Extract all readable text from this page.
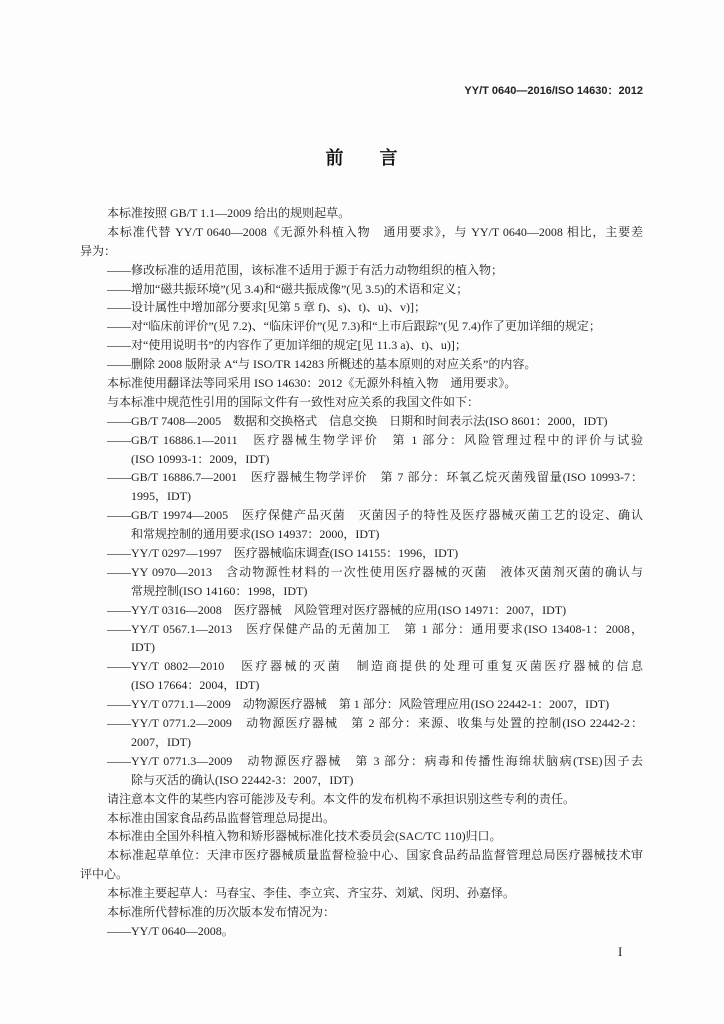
YY/T 0640—2016/ISO 14630：2012
前　　言
本标准按照 GB/T 1.1—2009 给出的规则起草。
本标准代替 YY/T 0640—2008《无源外科植入物　通用要求》，与 YY/T 0640—2008 相比，主要差
异为：
——修改标准的适用范围，该标准不适用于源于有活力动物组织的植入物；
——增加“磁共振环境”(见 3.4)和“磁共振成像”(见 3.5)的术语和定义；
——设计属性中增加部分要求[见第 5 章 f)、s)、t)、u)、v)]；
——对“临床前评价”(见 7.2)、“临床评价”(见 7.3)和“上市后跟踪”(见 7.4)作了更加详细的规定；
——对“使用说明书”的内容作了更加详细的规定[见 11.3 a)、t)、u)]；
——删除 2008 版附录 A“与 ISO/TR 14283 所概述的基本原则的对应关系”的内容。
本标准使用翻译法等同采用 ISO 14630：2012《无源外科植入物　通用要求》。
与本标准中规范性引用的国际文件有一致性对应关系的我国文件如下：
——GB/T 7408—2005　数据和交换格式　信息交换　日期和时间表示法(ISO 8601：2000，IDT)
——GB/T 16886.1—2011　医疗器械生物学评价　第 1 部分：风险管理过程中的评价与试验
(ISO 10993-1：2009，IDT)
——GB/T 16886.7—2001　医疗器械生物学评价　第 7 部分：环氧乙烷灭菌残留量(ISO 10993-7：
1995，IDT)
——GB/T 19974—2005　医疗保健产品灭菌　灭菌因子的特性及医疗器械灭菌工艺的设定、确认
和常规控制的通用要求(ISO 14937：2000，IDT)
——YY/T 0297—1997　医疗器械临床调查(ISO 14155：1996，IDT)
——YY 0970—2013　含动物源性材料的一次性使用医疗器械的灭菌　液体灭菌剂灭菌的确认与
常规控制(ISO 14160：1998，IDT)
——YY/T 0316—2008　医疗器械　风险管理对医疗器械的应用(ISO 14971：2007，IDT)
——YY/T 0567.1—2013　医疗保健产品的无菌加工　第 1 部分：通用要求(ISO 13408-1：2008，
IDT)
——YY/T 0802—2010　医疗器械的灭菌　制造商提供的处理可重复灭菌医疗器械的信息
(ISO 17664：2004，IDT)
——YY/T 0771.1—2009　动物源医疗器械　第 1 部分：风险管理应用(ISO 22442-1：2007，IDT)
——YY/T 0771.2—2009　动物源医疗器械　第 2 部分：来源、收集与处置的控制(ISO 22442-2：
2007，IDT)
——YY/T 0771.3—2009　动物源医疗器械　第 3 部分：病毒和传播性海绵状脑病(TSE)因子去
除与灭活的确认(ISO 22442-3：2007，IDT)
请注意本文件的某些内容可能涉及专利。本文件的发布机构不承担识别这些专利的责任。
本标准由国家食品药品监督管理总局提出。
本标准由全国外科植入物和矫形器械标准化技术委员会(SAC/TC 110)归口。
本标准起草单位：天津市医疗器械质量监督检验中心、国家食品药品监督管理总局医疗器械技术审
评中心。
本标准主要起草人：马春宝、李佳、李立宾、齐宝芬、刘斌、闵玥、孙嘉怿。
本标准所代替标准的历次版本发布情况为：
——YY/T 0640—2008。
I
